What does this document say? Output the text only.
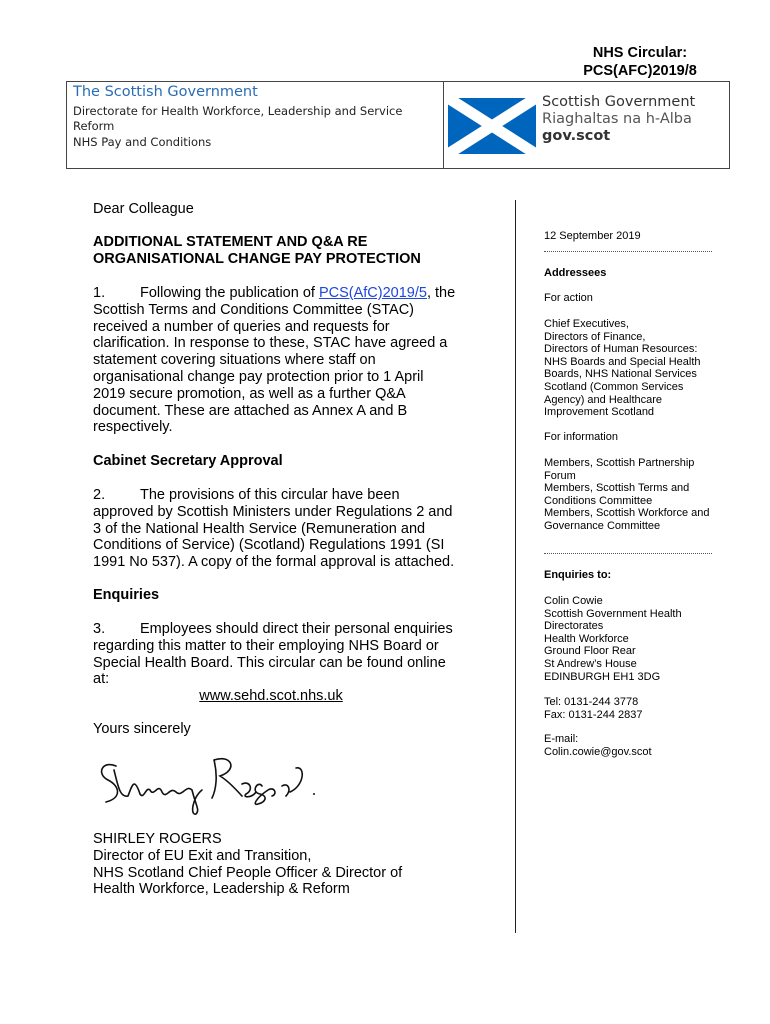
NHS Circular:
PCS(AFC)2019/8
The Scottish Government
Directorate for Health Workforce, Leadership and Service
Reform
NHS Pay and Conditions
Scottish Government
Riaghaltas na h-Alba
gov.scot
Dear Colleague
ADDITIONAL STATEMENT AND Q&A RE
ORGANISATIONAL CHANGE PAY PROTECTION
1. Following the publication of PCS(AfC)2019/5, the
Scottish Terms and Conditions Committee (STAC)
received a number of queries and requests for
clarification. In response to these, STAC have agreed a
statement covering situations where staff on
organisational change pay protection prior to 1 April
2019 secure promotion, as well as a further Q&A
document. These are attached as Annex A and B
respectively.
Cabinet Secretary Approval
2. The provisions of this circular have been
approved by Scottish Ministers under Regulations 2 and
3 of the National Health Service (Remuneration and
Conditions of Service) (Scotland) Regulations 1991 (SI
1991 No 537). A copy of the formal approval is attached.
Enquiries
3. Employees should direct their personal enquiries
regarding this matter to their employing NHS Board or
Special Health Board. This circular can be found online
at:
www.sehd.scot.nhs.uk
Yours sincerely
SHIRLEY ROGERS
Director of EU Exit and Transition,
NHS Scotland Chief People Officer & Director of
Health Workforce, Leadership & Reform
12 September 2019
Addressees
For action
Chief Executives,
Directors of Finance,
Directors of Human Resources:
NHS Boards and Special Health
Boards, NHS National Services
Scotland (Common Services
Agency) and Healthcare
Improvement Scotland
For information
Members, Scottish Partnership
Forum
Members, Scottish Terms and
Conditions Committee
Members, Scottish Workforce and
Governance Committee
Enquiries to:
Colin Cowie
Scottish Government Health
Directorates
Health Workforce
Ground Floor Rear
St Andrew’s House
EDINBURGH EH1 3DG
Tel: 0131-244 3778
Fax: 0131-244 2837
E-mail:
Colin.cowie@gov.scot
